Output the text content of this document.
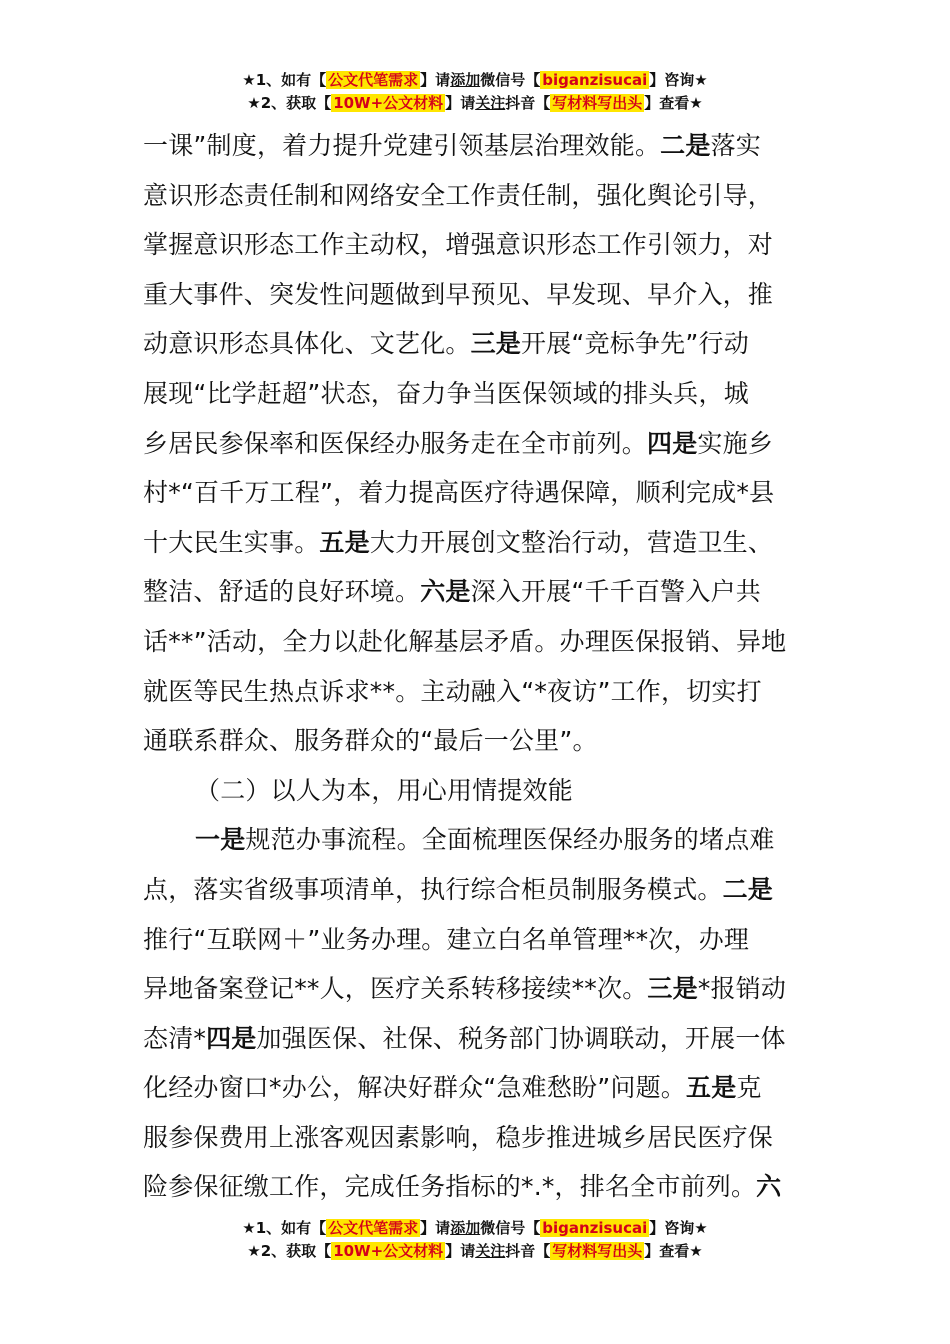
★1、如有【 公文代笔需求 】请添加微信号【 biganzisucai 】咨询★
★2、获取【 10W+公文材料 】请关注抖音【 写材料写出头 】查看★

一课”制度，着力提升党建引领基层治理效能。二是落实

意识形态责任制和网络安全工作责任制，强化舆论引导，

掌握意识形态工作主动权，增强意识形态工作引领力，对

重大事件、突发性问题做到早预见、早发现、早介入，推

动意识形态具体化、文艺化。三是开展“竞标争先”行动

展现“比学赶超”状态，奋力争当医保领域的排头兵，城

乡居民参保率和医保经办服务走在全市前列。四是实施乡

村*“百千万工程”，着力提高医疗待遇保障，顺利完成*县

十大民生实事。五是大力开展创文整治行动，营造卫生、

整洁、舒适的良好环境。六是深入开展“千千百警入户共

话**”活动，全力以赴化解基层矛盾。办理医保报销、异地

就医等民生热点诉求**。主动融入“*夜访”工作，切实打

通联系群众、服务群众的“最后一公里”。

（二）以人为本，用心用情提效能

一是规范办事流程。全面梳理医保经办服务的堵点难

点，落实省级事项清单，执行综合柜员制服务模式。二是

推行“互联网＋”业务办理。建立白名单管理**次，办理

异地备案登记**人，医疗关系转移接续**次。三是*报销动

态清*四是加强医保、社保、税务部门协调联动，开展一体

化经办窗口*办公，解决好群众“急难愁盼”问题。五是克

服参保费用上涨客观因素影响，稳步推进城乡居民医疗保

险参保征缴工作，完成任务指标的*.*，排名全市前列。六

★1、如有【 公文代笔需求 】请添加微信号【 biganzisucai 】咨询★
★2、获取【 10W+公文材料 】请关注抖音【 写材料写出头 】查看★
